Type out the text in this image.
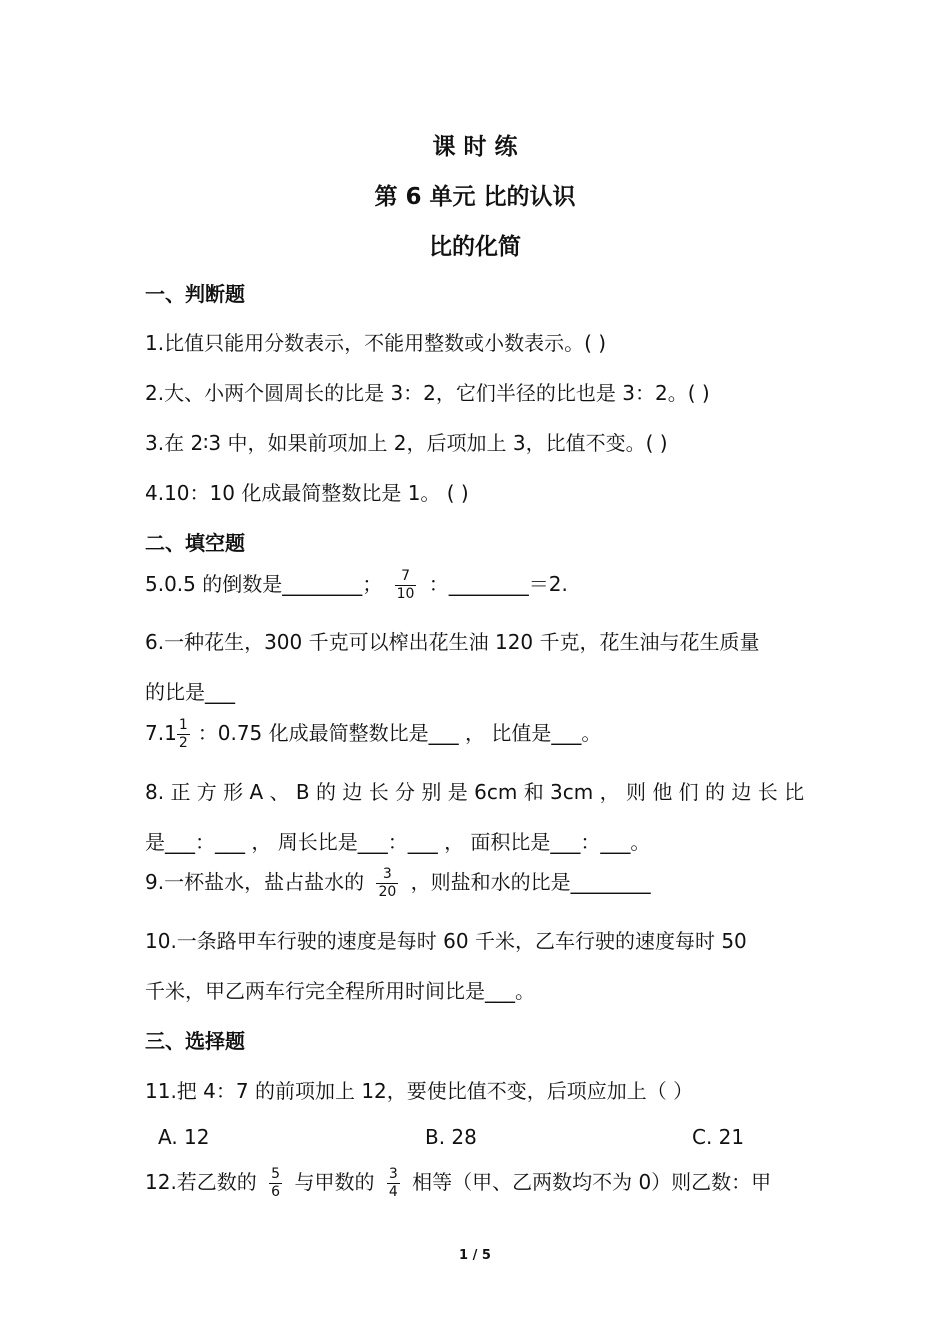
课 时 练
第 6 单元 比的认识
比的化简
一、判断题
1.比值只能用分数表示，不能用整数或小数表示。( )
2.大、小两个圆周长的比是 3：2，它们半径的比也是 3：2。( )
3.在 2∶3 中，如果前项加上 2，后项加上 3，比值不变。( )
4.10：10 化成最简整数比是 1。 ( )
二、填空题
5.0.5 的倒数是________； $\frac{7}{10}$ ：________＝2.
6.一种花生，300 千克可以榨出花生油 120 千克，花生油与花生质量
的比是___
$7.1 \frac{1}{2}$ ：0.75 化成最简整数比是___ ， 比值是___。
8. 正 方 形 A 、 B 的 边 长 分 别 是 6cm 和 3cm ， 则 他 们 的 边 长 比
是___：___ ， 周长比是___：___ ， 面积比是___：___。
9.一杯盐水，盐占盐水的 $\frac{3}{20}$ ，则盐和水的比是________
10.一条路甲车行驶的速度是每时 60 千米，乙车行驶的速度每时 50
千米，甲乙两车行完全程所用时间比是___。
三、选择题
11.把 4：7 的前项加上 12，要使比值不变，后项应加上（ ）
A. 12	B. 28	C. 21
12.若乙数的 $\frac{5}{6}$ 与甲数的 $\frac{3}{4}$ 相等（甲、乙两数均不为 0）则乙数：甲
1 / 5
